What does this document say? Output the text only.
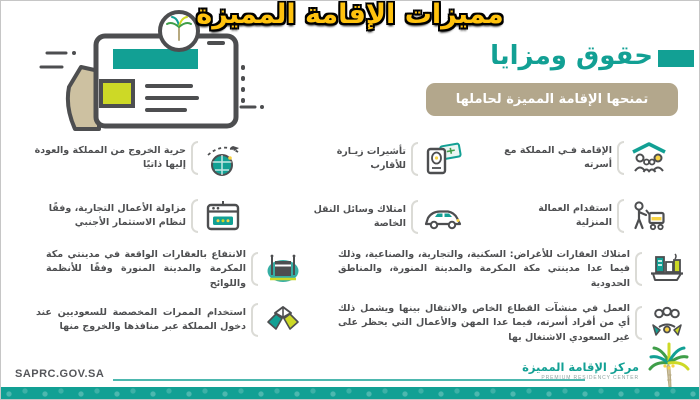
مميزات الإقامة المميزة
حقوق ومزايا
تمنحها الإقامة المميزة لحاملها
الإقامة فـي المملكة مع أسرته
تأشيرات زيـارة للأقارب
حرية الخروج من المملكة والعودة إليها ذاتيًا
استقدام العمالة المنزلية
امتلاك وسائل النقل الخاصة
مزاولة الأعمال التجارية، وفقًا لنظام الاستثمار الأجنبي
امتلاك العقارات للأغراض: السكنية، والتجارية، والصناعية، وذلك فيما عدا مدينتي مكة المكرمة والمدينة المنورة، والمناطق الحدودية
الانتفاع بالعقارات الواقعة في مدينتي مكة المكرمة والمدينة المنورة وفقًا للأنظمة واللوائح
العمل في منشآت القطاع الخاص والانتقال بينها ويشمل ذلك أي من أفراد أسرته، فيما عدا المهن والأعمال التي يحظر على غير السعودي الاشتغال بها
استخدام الممرات المخصصة للسعوديين عند دخول المملكة عبر منافذها والخروج منها
SAPRC.GOV.SA	مركز الإقامة المميزة
PREMIUM RESIDENCY CENTER
